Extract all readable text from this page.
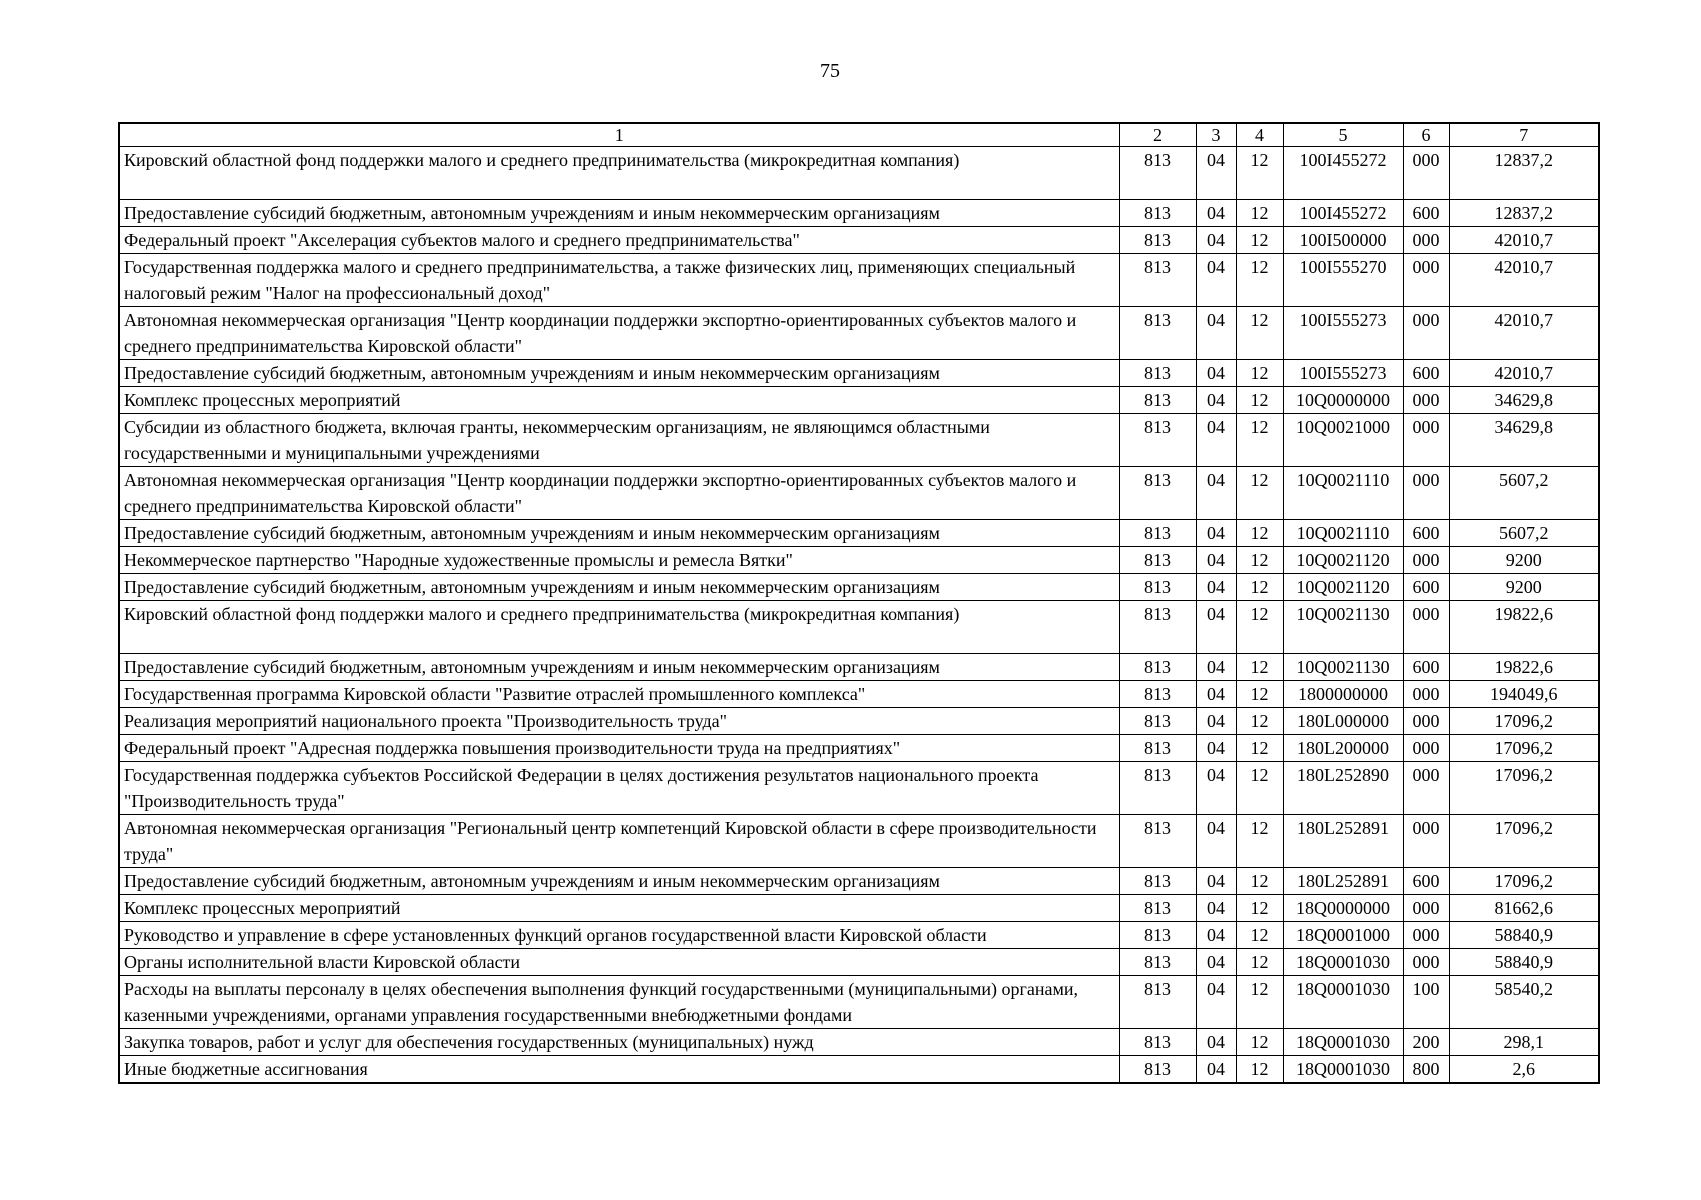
75
1	2	3	4	5	6	7
Кировский областной фонд поддержки малого и среднего предпринимательства (микрокредитная компания)	813	04	12	100I455272	000	12837,2
Предоставление субсидий бюджетным, автономным учреждениям и иным некоммерческим организациям	813	04	12	100I455272	600	12837,2
Федеральный проект "Акселерация субъектов малого и среднего предпринимательства"	813	04	12	100I500000	000	42010,7
Государственная поддержка малого и среднего предпринимательства, а также физических лиц, применяющих специальный налоговый режим "Налог на профессиональный доход"	813	04	12	100I555270	000	42010,7
Автономная некоммерческая организация "Центр координации поддержки экспортно-ориентированных субъектов малого и среднего предпринимательства Кировской области"	813	04	12	100I555273	000	42010,7
Предоставление субсидий бюджетным, автономным учреждениям и иным некоммерческим организациям	813	04	12	100I555273	600	42010,7
Комплекс процессных мероприятий	813	04	12	10Q0000000	000	34629,8
Субсидии из областного бюджета, включая гранты, некоммерческим организациям, не являющимся областными государственными и муниципальными учреждениями	813	04	12	10Q0021000	000	34629,8
Автономная некоммерческая организация "Центр координации поддержки экспортно-ориентированных субъектов малого и среднего предпринимательства Кировской области"	813	04	12	10Q0021110	000	5607,2
Предоставление субсидий бюджетным, автономным учреждениям и иным некоммерческим организациям	813	04	12	10Q0021110	600	5607,2
Некоммерческое партнерство "Народные художественные промыслы и ремесла Вятки"	813	04	12	10Q0021120	000	9200
Предоставление субсидий бюджетным, автономным учреждениям и иным некоммерческим организациям	813	04	12	10Q0021120	600	9200
Кировский областной фонд поддержки малого и среднего предпринимательства (микрокредитная компания)	813	04	12	10Q0021130	000	19822,6
Предоставление субсидий бюджетным, автономным учреждениям и иным некоммерческим организациям	813	04	12	10Q0021130	600	19822,6
Государственная программа Кировской области "Развитие отраслей промышленного комплекса"	813	04	12	1800000000	000	194049,6
Реализация мероприятий национального проекта "Производительность труда"	813	04	12	180L000000	000	17096,2
Федеральный проект "Адресная поддержка повышения производительности труда на предприятиях"	813	04	12	180L200000	000	17096,2
Государственная поддержка субъектов Российской Федерации в целях достижения результатов национального проекта "Производительность труда"	813	04	12	180L252890	000	17096,2
Автономная некоммерческая организация "Региональный центр компетенций Кировской области в сфере производительности труда"	813	04	12	180L252891	000	17096,2
Предоставление субсидий бюджетным, автономным учреждениям и иным некоммерческим организациям	813	04	12	180L252891	600	17096,2
Комплекс процессных мероприятий	813	04	12	18Q0000000	000	81662,6
Руководство и управление в сфере установленных функций органов государственной власти Кировской области	813	04	12	18Q0001000	000	58840,9
Органы исполнительной власти Кировской области	813	04	12	18Q0001030	000	58840,9
Расходы на выплаты персоналу в целях обеспечения выполнения функций государственными (муниципальными) органами, казенными учреждениями, органами управления государственными внебюджетными фондами	813	04	12	18Q0001030	100	58540,2
Закупка товаров, работ и услуг для обеспечения государственных (муниципальных) нужд	813	04	12	18Q0001030	200	298,1
Иные бюджетные ассигнования	813	04	12	18Q0001030	800	2,6
